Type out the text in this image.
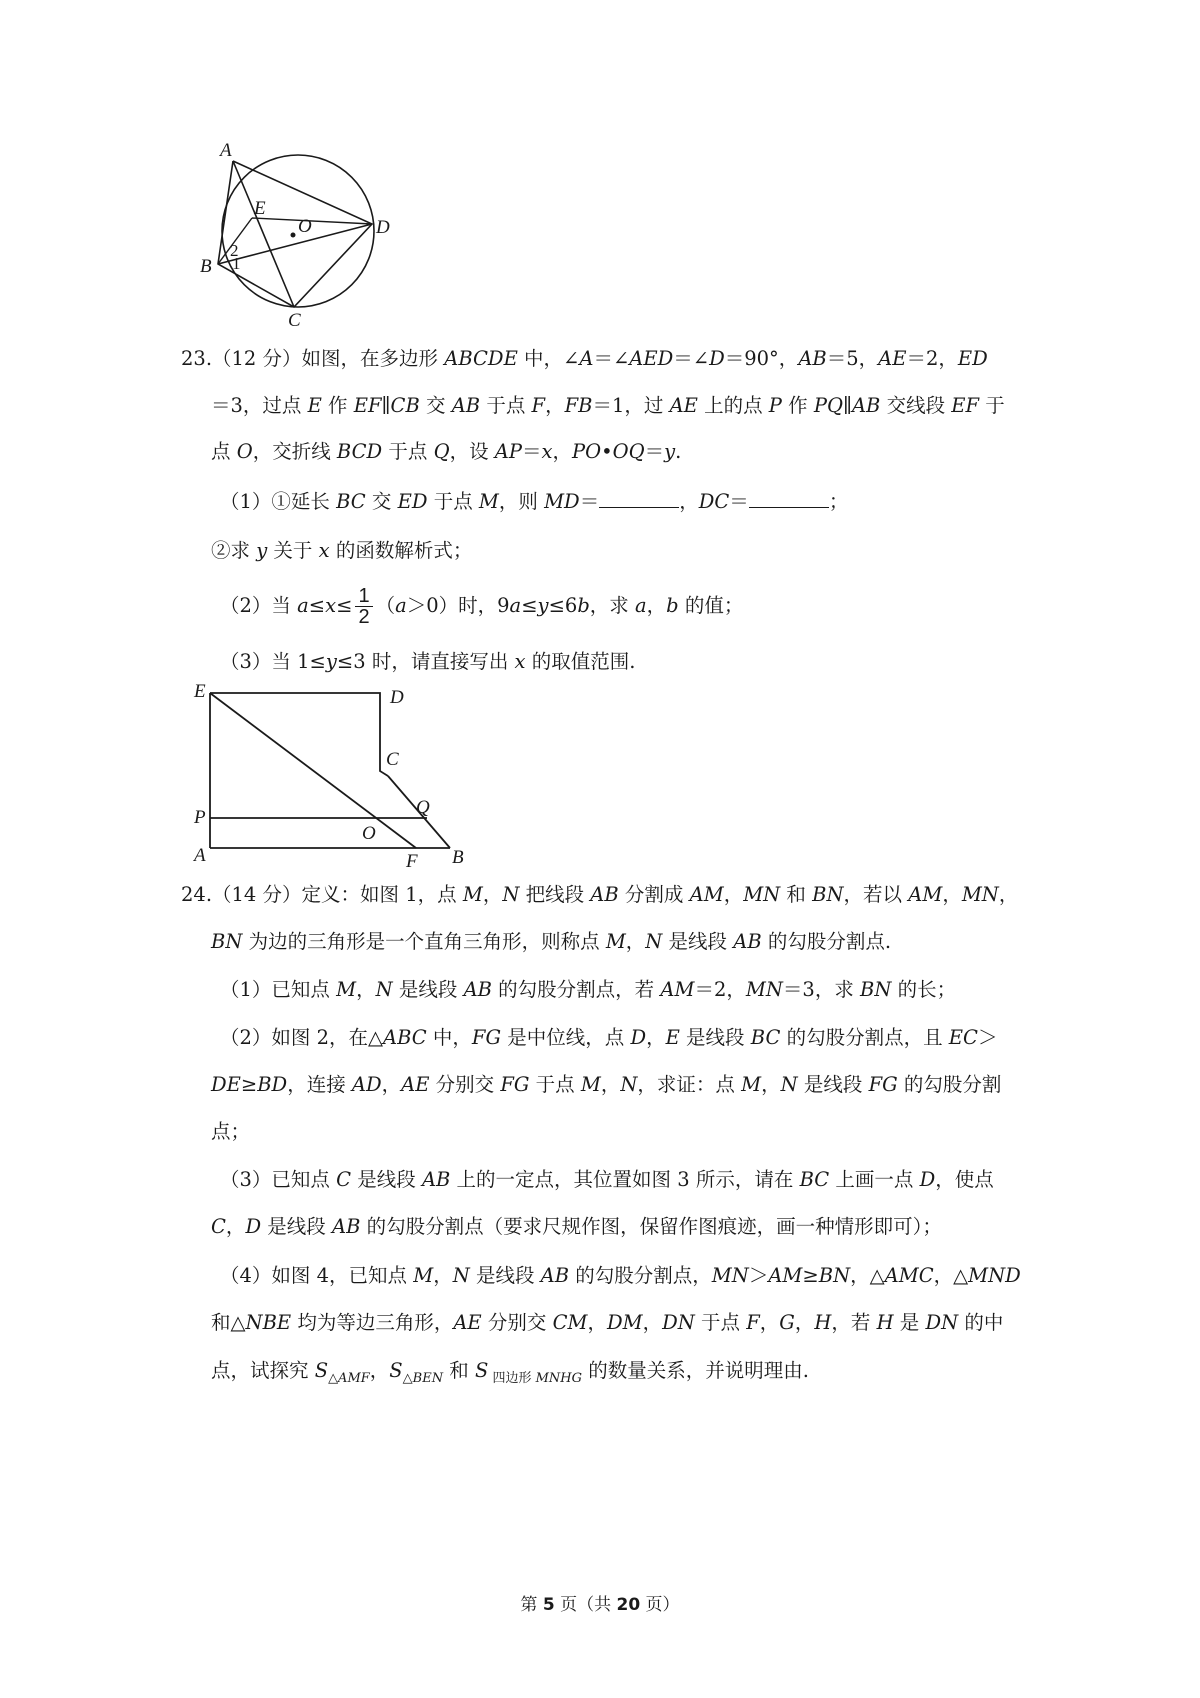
A
B
C
D
E
O
2
1
23.（12 分）如图，在多边形 ABCDE 中，∠A＝∠AED＝∠D＝90°，AB＝5，AE＝2，ED
＝3，过点 E 作 EF∥CB 交 AB 于点 F，FB＝1，过 AE 上的点 P 作 PQ∥AB 交线段 EF 于
点 O，交折线 BCD 于点 Q，设 AP＝x，PO•OQ＝y.
（1）①延长 BC 交 ED 于点 M，则 MD＝	，DC＝	；
②求 y 关于 x 的函数解析式；
（2）当 $a\le x\le \frac{1}{2} (a>0)$时，9a≤y≤6b，求 a，b 的值；
（3）当 1≤y≤3 时，请直接写出 x 的取值范围.
E	D
C
P	Q
O
A	F B
24.（14 分）定义：如图 1，点 M，N 把线段 AB 分割成 AM，MN 和 BN，若以 AM，MN，
BN 为边的三角形是一个直角三角形，则称点 M，N 是线段 AB 的勾股分割点.
（1）已知点 M，N 是线段 AB 的勾股分割点，若 AM＝2，MN＝3，求 BN 的长；
（2）如图 2，在△ABC 中，FG 是中位线，点 D，E 是线段 BC 的勾股分割点，且 EC＞
DE≥BD，连接 AD，AE 分别交 FG 于点 M，N，求证：点 M，N 是线段 FG 的勾股分割
点；
（3）已知点 C 是线段 AB 上的一定点，其位置如图 3 所示，请在 BC 上画一点 D，使点
C，D 是线段 AB 的勾股分割点（要求尺规作图，保留作图痕迹，画一种情形即可）；
（4）如图 4，已知点 M，N 是线段 AB 的勾股分割点，MN＞AM≥BN，△AMC，△MND
和△NBE 均为等边三角形，AE 分别交 CM，DM，DN 于点 F，G，H，若 H 是 DN 的中
点，试探究 $S_{\triangle AMF}$，$S_{\triangle BEN}$ 和 S $_{四边形 MNHG}$ 的数量关系，并说明理由.
第 5 页（共 20 页）
